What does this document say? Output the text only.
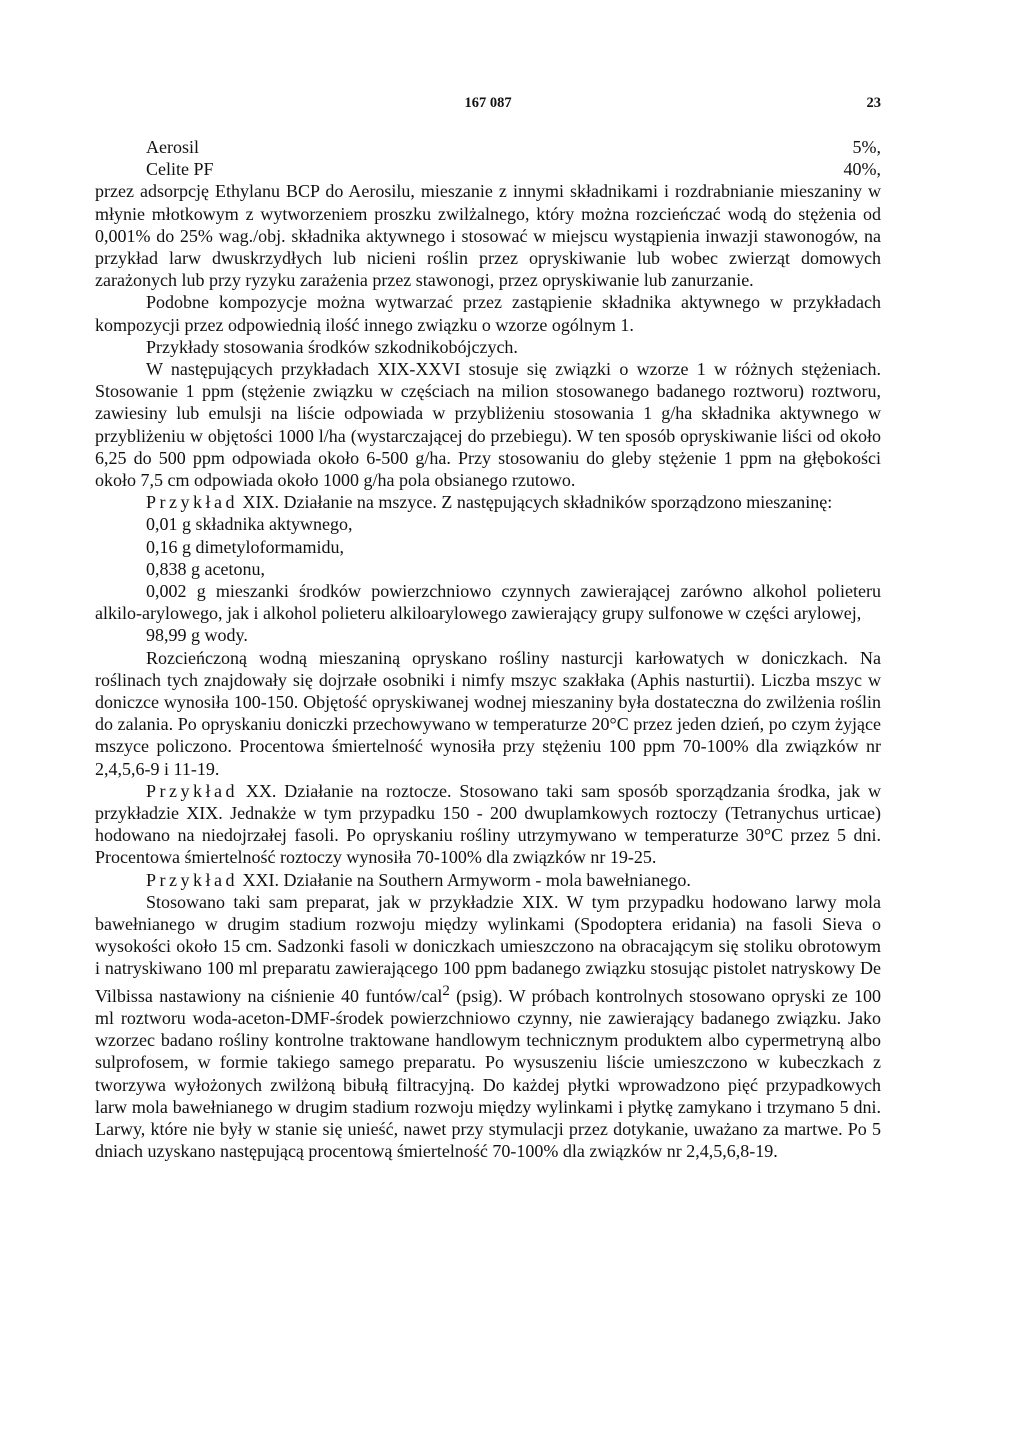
167 087	23
Aerosil	5%,
Celite PF	40%,

przez adsorpcję Ethylanu BCP do Aerosilu, mieszanie z innymi składnikami i rozdrabnianie mieszaniny w młynie młotkowym z wytworzeniem proszku zwilżalnego, który można rozcieńczać wodą do stężenia od 0,001% do 25% wag./obj. składnika aktywnego i stosować w miejscu wystąpienia inwazji stawonogów, na przykład larw dwuskrzydłych lub nicieni roślin przez opryskiwanie lub wobec zwierząt domowych zarażonych lub przy ryzyku zarażenia przez stawonogi, przez opryskiwanie lub zanurzanie.

Podobne kompozycje można wytwarzać przez zastąpienie składnika aktywnego w przykładach kompozycji przez odpowiednią ilość innego związku o wzorze ogólnym 1.

Przykłady stosowania środków szkodnikobójczych.

W następujących przykładach XIX-XXVI stosuje się związki o wzorze 1 w różnych stężeniach. Stosowanie 1 ppm (stężenie związku w częściach na milion stosowanego badanego roztworu) roztworu, zawiesiny lub emulsji na liście odpowiada w przybliżeniu stosowania 1 g/ha składnika aktywnego w przybliżeniu w objętości 1000 l/ha (wystarczającej do przebiegu). W ten sposób opryskiwanie liści od około 6,25 do 500 ppm odpowiada około 6-500 g/ha. Przy stosowaniu do gleby stężenie 1 ppm na głębokości około 7,5 cm odpowiada około 1000 g/ha pola obsianego rzutowo.

Przykład XIX. Działanie na mszyce. Z następujących składników sporządzono mieszaninę:

0,01 g składnika aktywnego,

0,16 g dimetyloformamidu,

0,838 g acetonu,

0,002 g mieszanki środków powierzchniowo czynnych zawierającej zarówno alkohol polieteru alkilo-arylowego, jak i alkohol polieteru alkiloarylowego zawierający grupy sulfonowe w części arylowej,

98,99 g wody.

Rozcieńczoną wodną mieszaniną opryskano rośliny nasturcji karłowatych w doniczkach. Na roślinach tych znajdowały się dojrzałe osobniki i nimfy mszyc szakłaka (Aphis nasturtii). Liczba mszyc w doniczce wynosiła 100-150. Objętość opryskiwanej wodnej mieszaniny była dostateczna do zwilżenia roślin do zalania. Po opryskaniu doniczki przechowywano w temperaturze 20°C przez jeden dzień, po czym żyjące mszyce policzono. Procentowa śmiertelność wynosiła przy stężeniu 100 ppm 70-100% dla związków nr 2,4,5,6-9 i 11-19.

Przykład XX. Działanie na roztocze. Stosowano taki sam sposób sporządzania środka, jak w przykładzie XIX. Jednakże w tym przypadku 150 - 200 dwuplamkowych roztoczy (Tetranychus urticae) hodowano na niedojrzałej fasoli. Po opryskaniu rośliny utrzymywano w temperaturze 30°C przez 5 dni. Procentowa śmiertelność roztoczy wynosiła 70-100% dla związków nr 19-25.

Przykład XXI. Działanie na Southern Armyworm - mola bawełnianego.

Stosowano taki sam preparat, jak w przykładzie XIX. W tym przypadku hodowano larwy mola bawełnianego w drugim stadium rozwoju między wylinkami (Spodoptera eridania) na fasoli Sieva o wysokości około 15 cm. Sadzonki fasoli w doniczkach umieszczono na obracającym się stoliku obrotowym i natryskiwano 100 ml preparatu zawierającego 100 ppm badanego związku stosując pistolet natryskowy De Vilbissa nastawiony na ciśnienie 40 funtów/cal$^2$ (psig). W próbach kontrolnych stosowano opryski ze 100 ml roztworu woda-aceton-DMF-środek powierzchniowo czynny, nie zawierający badanego związku. Jako wzorzec badano rośliny kontrolne traktowane handlowym technicznym produktem albo cypermetryną albo sulprofosem, w formie takiego samego preparatu. Po wysuszeniu liście umieszczono w kubeczkach z tworzywa wyłożonych zwilżoną bibułą filtracyjną. Do każdej płytki wprowadzono pięć przypadkowych larw mola bawełnianego w drugim stadium rozwoju między wylinkami i płytkę zamykano i trzymano 5 dni. Larwy, które nie były w stanie się unieść, nawet przy stymulacji przez dotykanie, uważano za martwe. Po 5 dniach uzyskano następującą procentową śmiertelność 70-100% dla związków nr 2,4,5,6,8-19.
